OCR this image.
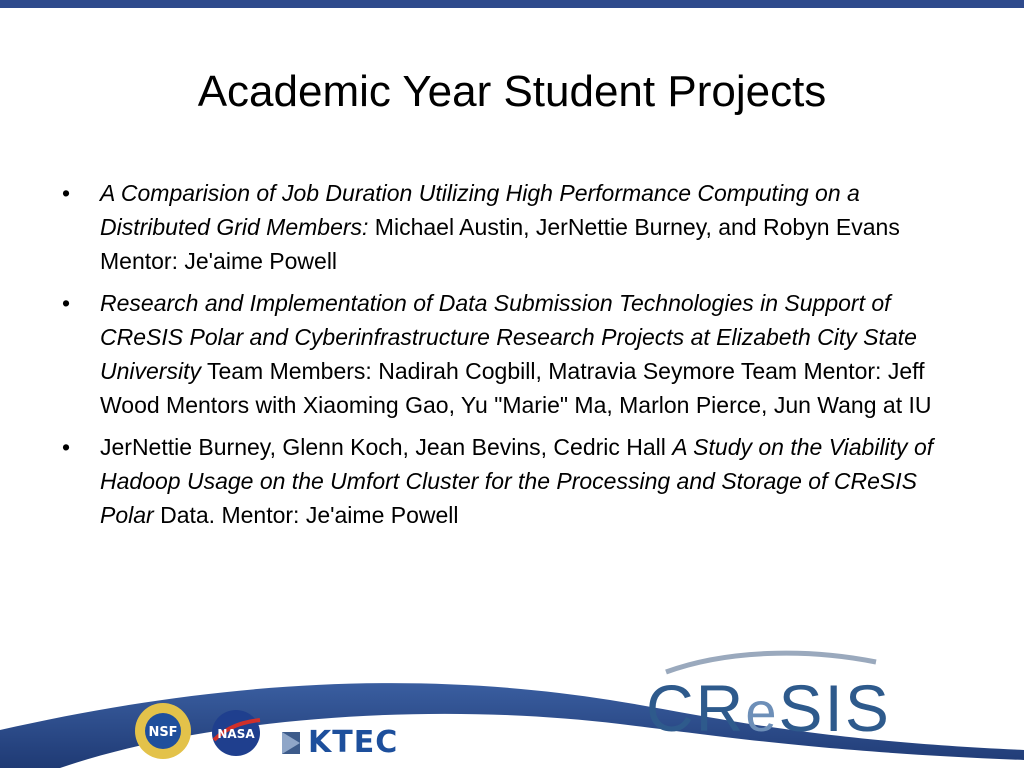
Academic Year Student Projects
•	A Comparision of Job Duration Utilizing High Performance Computing on a Distributed Grid Members: Michael Austin, JerNettie Burney, and Robyn Evans Mentor: Je'aime Powell
•	Research and Implementation of Data Submission Technologies in Support of CReSIS Polar and Cyberinfrastructure Research Projects at Elizabeth City State University Team Members: Nadirah Cogbill, Matravia Seymore Team Mentor: Jeff Wood Mentors with Xiaoming Gao, Yu "Marie" Ma, Marlon Pierce, Jun Wang at IU
•	JerNettie Burney, Glenn Koch, Jean Bevins, Cedric Hall A Study on the Viability of Hadoop Usage on the Umfort Cluster for the Processing and Storage of CReSIS Polar Data. Mentor: Je'aime Powell
NSF	NASA KTEC	CReSIS
